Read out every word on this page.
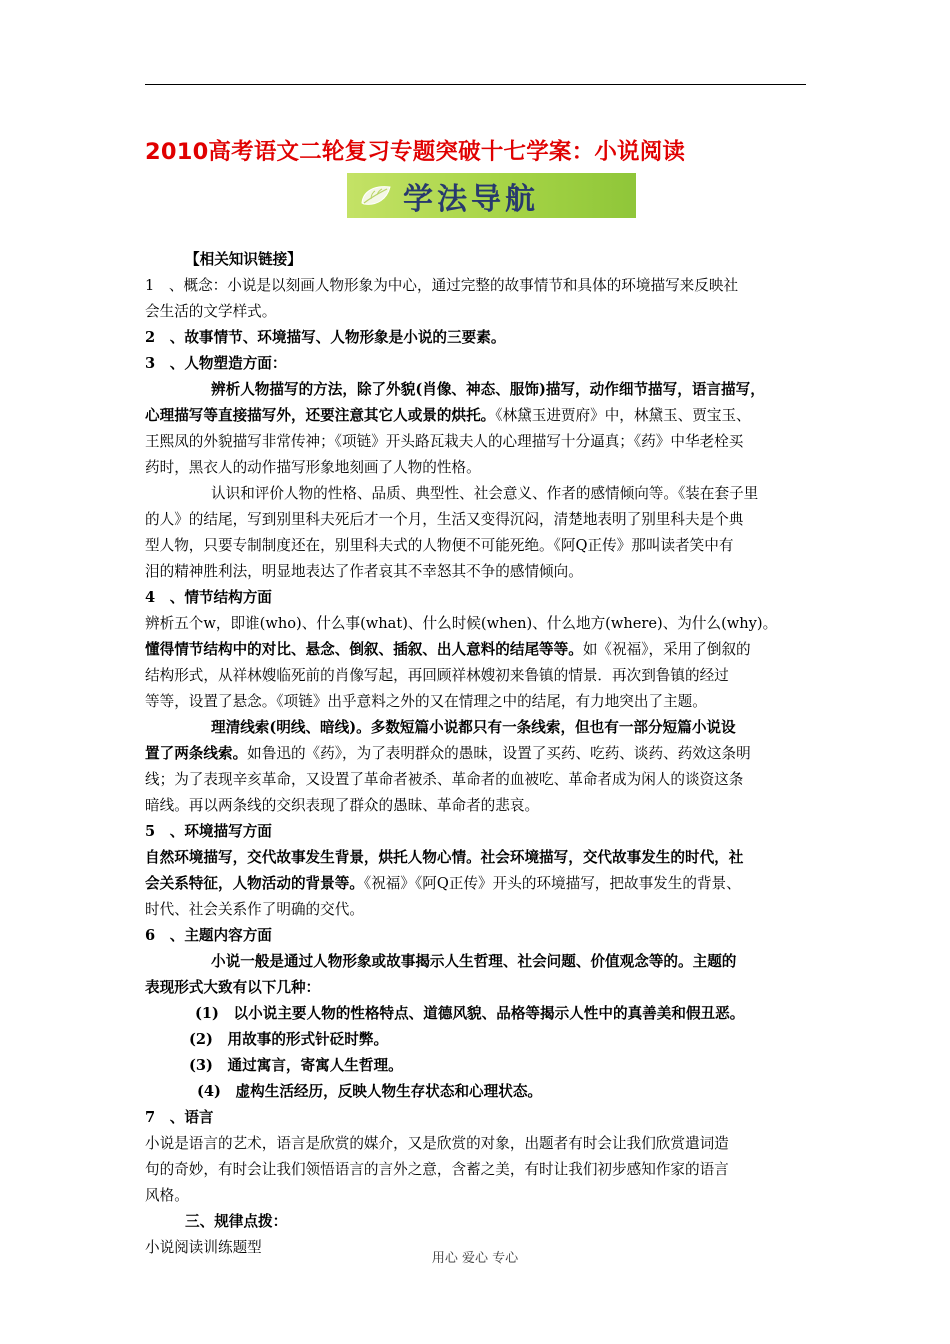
2010高考语文二轮复习专题突破十七学案：小说阅读
学法导航
【相关知识链接】
1　、概念：小说是以刻画人物形象为中心，通过完整的故事情节和具体的环境描写来反映社
会生活的文学样式。
2　、故事情节、环境描写、人物形象是小说的三要素。
3　、人物塑造方面：
辨析人物描写的方法，除了外貌(肖像、神态、服饰)描写，动作细节描写，语言描写，
心理描写等直接描写外，还要注意其它人或景的烘托。《林黛玉进贾府》中，林黛玉、贾宝玉、
王熙凤的外貌描写非常传神；《项链》开头路瓦栽夫人的心理描写十分逼真；《药》中华老栓买
药时，黑衣人的动作描写形象地刻画了人物的性格。
认识和评价人物的性格、品质、典型性、社会意义、作者的感情倾向等。《装在套子里
的人》的结尾，写到别里科夫死后才一个月，生活又变得沉闷，清楚地表明了别里科夫是个典
型人物，只要专制制度还在，别里科夫式的人物便不可能死绝。《阿Q正传》那叫读者笑中有
泪的精神胜利法，明显地表达了作者哀其不幸怒其不争的感情倾向。
4　、情节结构方面
辨析五个w，即谁(who)、什么事(what)、什么时候(when)、什么地方(where)、为什么(why)。
懂得情节结构中的对比、悬念、倒叙、插叙、出人意料的结尾等等。如《祝福》，采用了倒叙的
结构形式，从祥林嫂临死前的肖像写起，再回顾祥林嫂初来鲁镇的情景．再次到鲁镇的经过
等等，设置了悬念。《项链》出乎意料之外的又在情理之中的结尾，有力地突出了主题。
理清线索(明线、暗线)。多数短篇小说都只有一条线索，但也有一部分短篇小说设
置了两条线索。如鲁迅的《药》，为了表明群众的愚昧，设置了买药、吃药、谈药、药效这条明
线；为了表现辛亥革命，又设置了革命者被杀、革命者的血被吃、革命者成为闲人的谈资这条
暗线。再以两条线的交织表现了群众的愚昧、革命者的悲哀。
5　、环境描写方面
自然环境描写，交代故事发生背景，烘托人物心情。社会环境描写，交代故事发生的时代，社
会关系特征，人物活动的背景等。《祝福》《阿Q正传》开头的环境描写，把故事发生的背景、
时代、社会关系作了明确的交代。
6　、主题内容方面
小说一般是通过人物形象或故事揭示人生哲理、社会问题、价值观念等的。主题的
表现形式大致有以下几种：
(1)　以小说主要人物的性格特点、道德风貌、品格等揭示人性中的真善美和假丑恶。
(2)　用故事的形式针砭时弊。
(3)　通过寓言，寄寓人生哲理。
(4)　虚构生活经历，反映人物生存状态和心理状态。
7　、语言
小说是语言的艺术，语言是欣赏的媒介，又是欣赏的对象，出题者有时会让我们欣赏遣词造
句的奇妙，有时会让我们领悟语言的言外之意，含蓄之美，有时让我们初步感知作家的语言
风格。
三、规律点拨：
小说阅读训练题型
用心 爱心 专心
